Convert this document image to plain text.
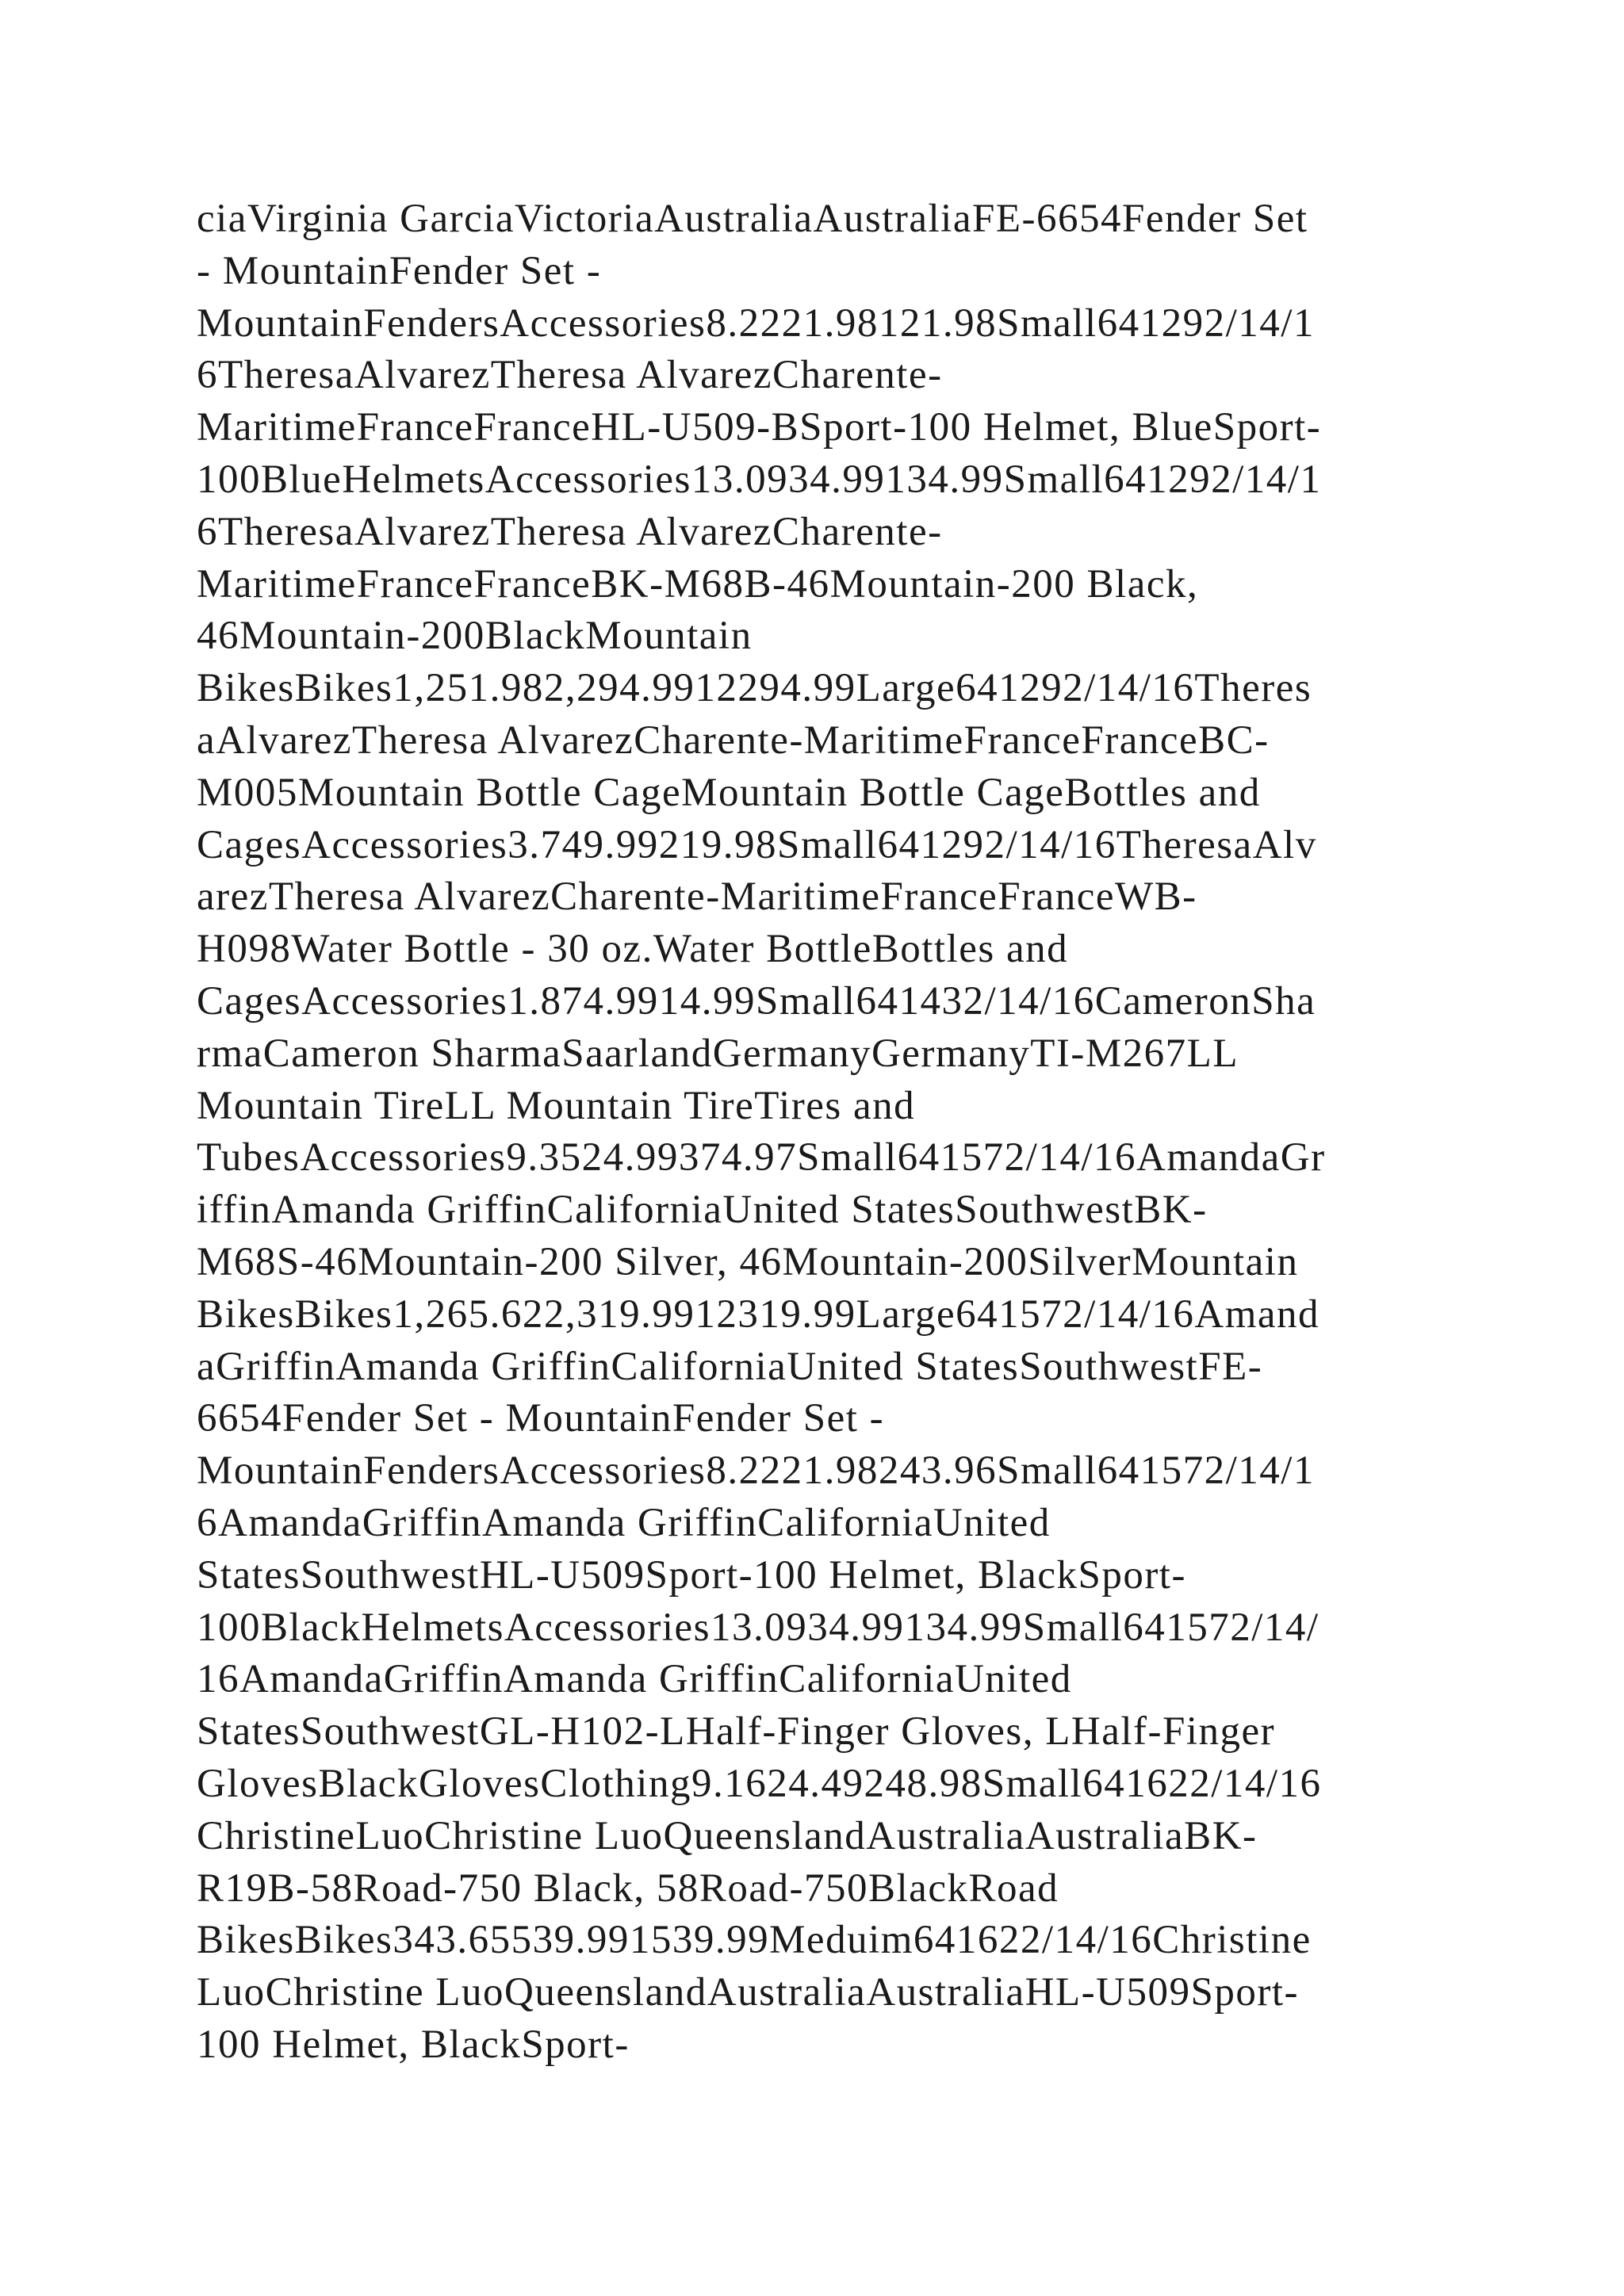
ciaVirginia GarciaVictoriaAustraliaAustraliaFE-6654Fender Set
- MountainFender Set -
MountainFendersAccessories8.2221.98121.98Small641292/14/1
6TheresaAlvarezTheresa AlvarezCharente-
MaritimeFranceFranceHL-U509-BSport-100 Helmet, BlueSport-
100BlueHelmetsAccessories13.0934.99134.99Small641292/14/1
6TheresaAlvarezTheresa AlvarezCharente-
MaritimeFranceFranceBK-M68B-46Mountain-200 Black,
46Mountain-200BlackMountain
BikesBikes1,251.982,294.9912294.99Large641292/14/16Theres
aAlvarezTheresa AlvarezCharente-MaritimeFranceFranceBC-
M005Mountain Bottle CageMountain Bottle CageBottles and
CagesAccessories3.749.99219.98Small641292/14/16TheresaAlv
arezTheresa AlvarezCharente-MaritimeFranceFranceWB-
H098Water Bottle - 30 oz.Water BottleBottles and
CagesAccessories1.874.9914.99Small641432/14/16CameronSha
rmaCameron SharmaSaarlandGermanyGermanyTI-M267LL
Mountain TireLL Mountain TireTires and
TubesAccessories9.3524.99374.97Small641572/14/16AmandaGr
iffinAmanda GriffinCaliforniaUnited StatesSouthwestBK-
M68S-46Mountain-200 Silver, 46Mountain-200SilverMountain
BikesBikes1,265.622,319.9912319.99Large641572/14/16Amand
aGriffinAmanda GriffinCaliforniaUnited StatesSouthwestFE-
6654Fender Set - MountainFender Set -
MountainFendersAccessories8.2221.98243.96Small641572/14/1
6AmandaGriffinAmanda GriffinCaliforniaUnited
StatesSouthwestHL-U509Sport-100 Helmet, BlackSport-
100BlackHelmetsAccessories13.0934.99134.99Small641572/14/
16AmandaGriffinAmanda GriffinCaliforniaUnited
StatesSouthwestGL-H102-LHalf-Finger Gloves, LHalf-Finger
GlovesBlackGlovesClothing9.1624.49248.98Small641622/14/16
ChristineLuoChristine LuoQueenslandAustraliaAustraliaBK-
R19B-58Road-750 Black, 58Road-750BlackRoad
BikesBikes343.65539.991539.99Meduim641622/14/16Christine
LuoChristine LuoQueenslandAustraliaAustraliaHL-U509Sport-
100 Helmet, BlackSport-
